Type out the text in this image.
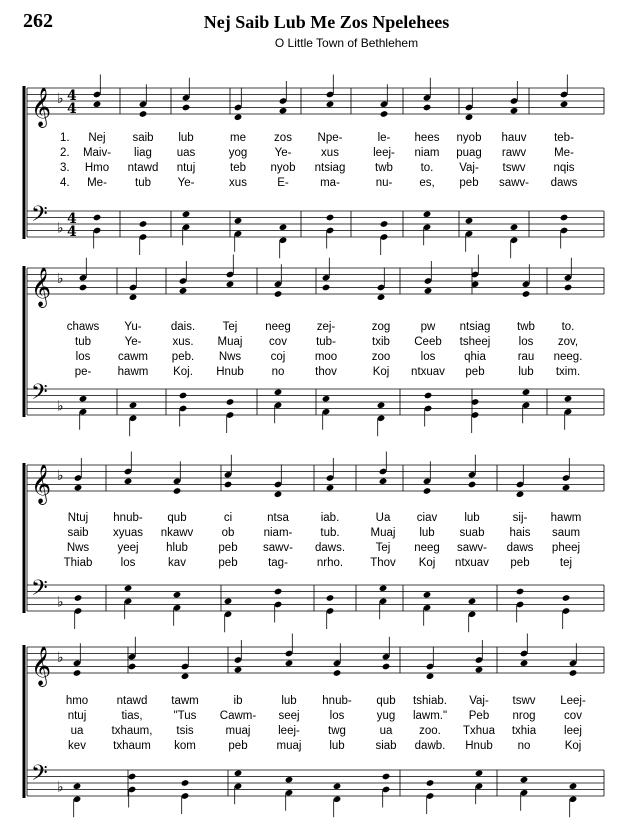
262	Nej Saib Lub Me Zos Npelehees
O Little Town of Bethlehem
𝄞 ♭ 4
4
𝄢 ♭
4
4
1.
2.
3.
4.
Nej saib lub	me zos Npe-	le- hees nyob hauv teb-
Maiv- liag uas	yog Ye-	xus	leej- niam puag rawv Me-
Hmo ntawd ntuj	teb nyob ntsiag	twb to. Vaj- tswv nqis
Me- tub Ye-	xus	E-	ma-	nu- es, peb sawv- daws
𝄞 ♭
𝄢 ♭
chaws Yu-	dais. Tej neeg zej-	zog	pw ntsiag twb to.
tub	Ye-	xus. Muaj cov	tub-	txib Ceeb tsheej los zov,
los cawm peb. Nws	coj	moo	zoo	los	qhia	rau neeg.
pe- hawm Koj. Hnub no	thov	Koj ntxuav peb	lub txim.
𝄞 ♭
𝄢 ♭
Ntuj hnub- qub	ci	ntsa	iab.	Ua ciav lub	sij- hawm
saib xyuas nkawv ob	niam- tub.	Muaj lub suab hais saum
Nws yeej hlub	peb sawv- daws.	Tej neeg sawv- daws pheej
Thiab los	kav	peb	tag-	nrho. Thov Koj ntxuav peb	tej
𝄞 ♭
𝄢 ♭
hmo ntawd tawm	ib	lub hnub- qub tshiab. Vaj- tswv Leej-
ntuj	tias,	"Tus Cawm- seej	los	yug lawm." Peb nrog cov
ua txhaum, tsis	muaj leej- twg	ua zoo. Txhua txhia leej
kev txhaum kom	peb	muaj lub	siab dawb. Hnub no	Koj
